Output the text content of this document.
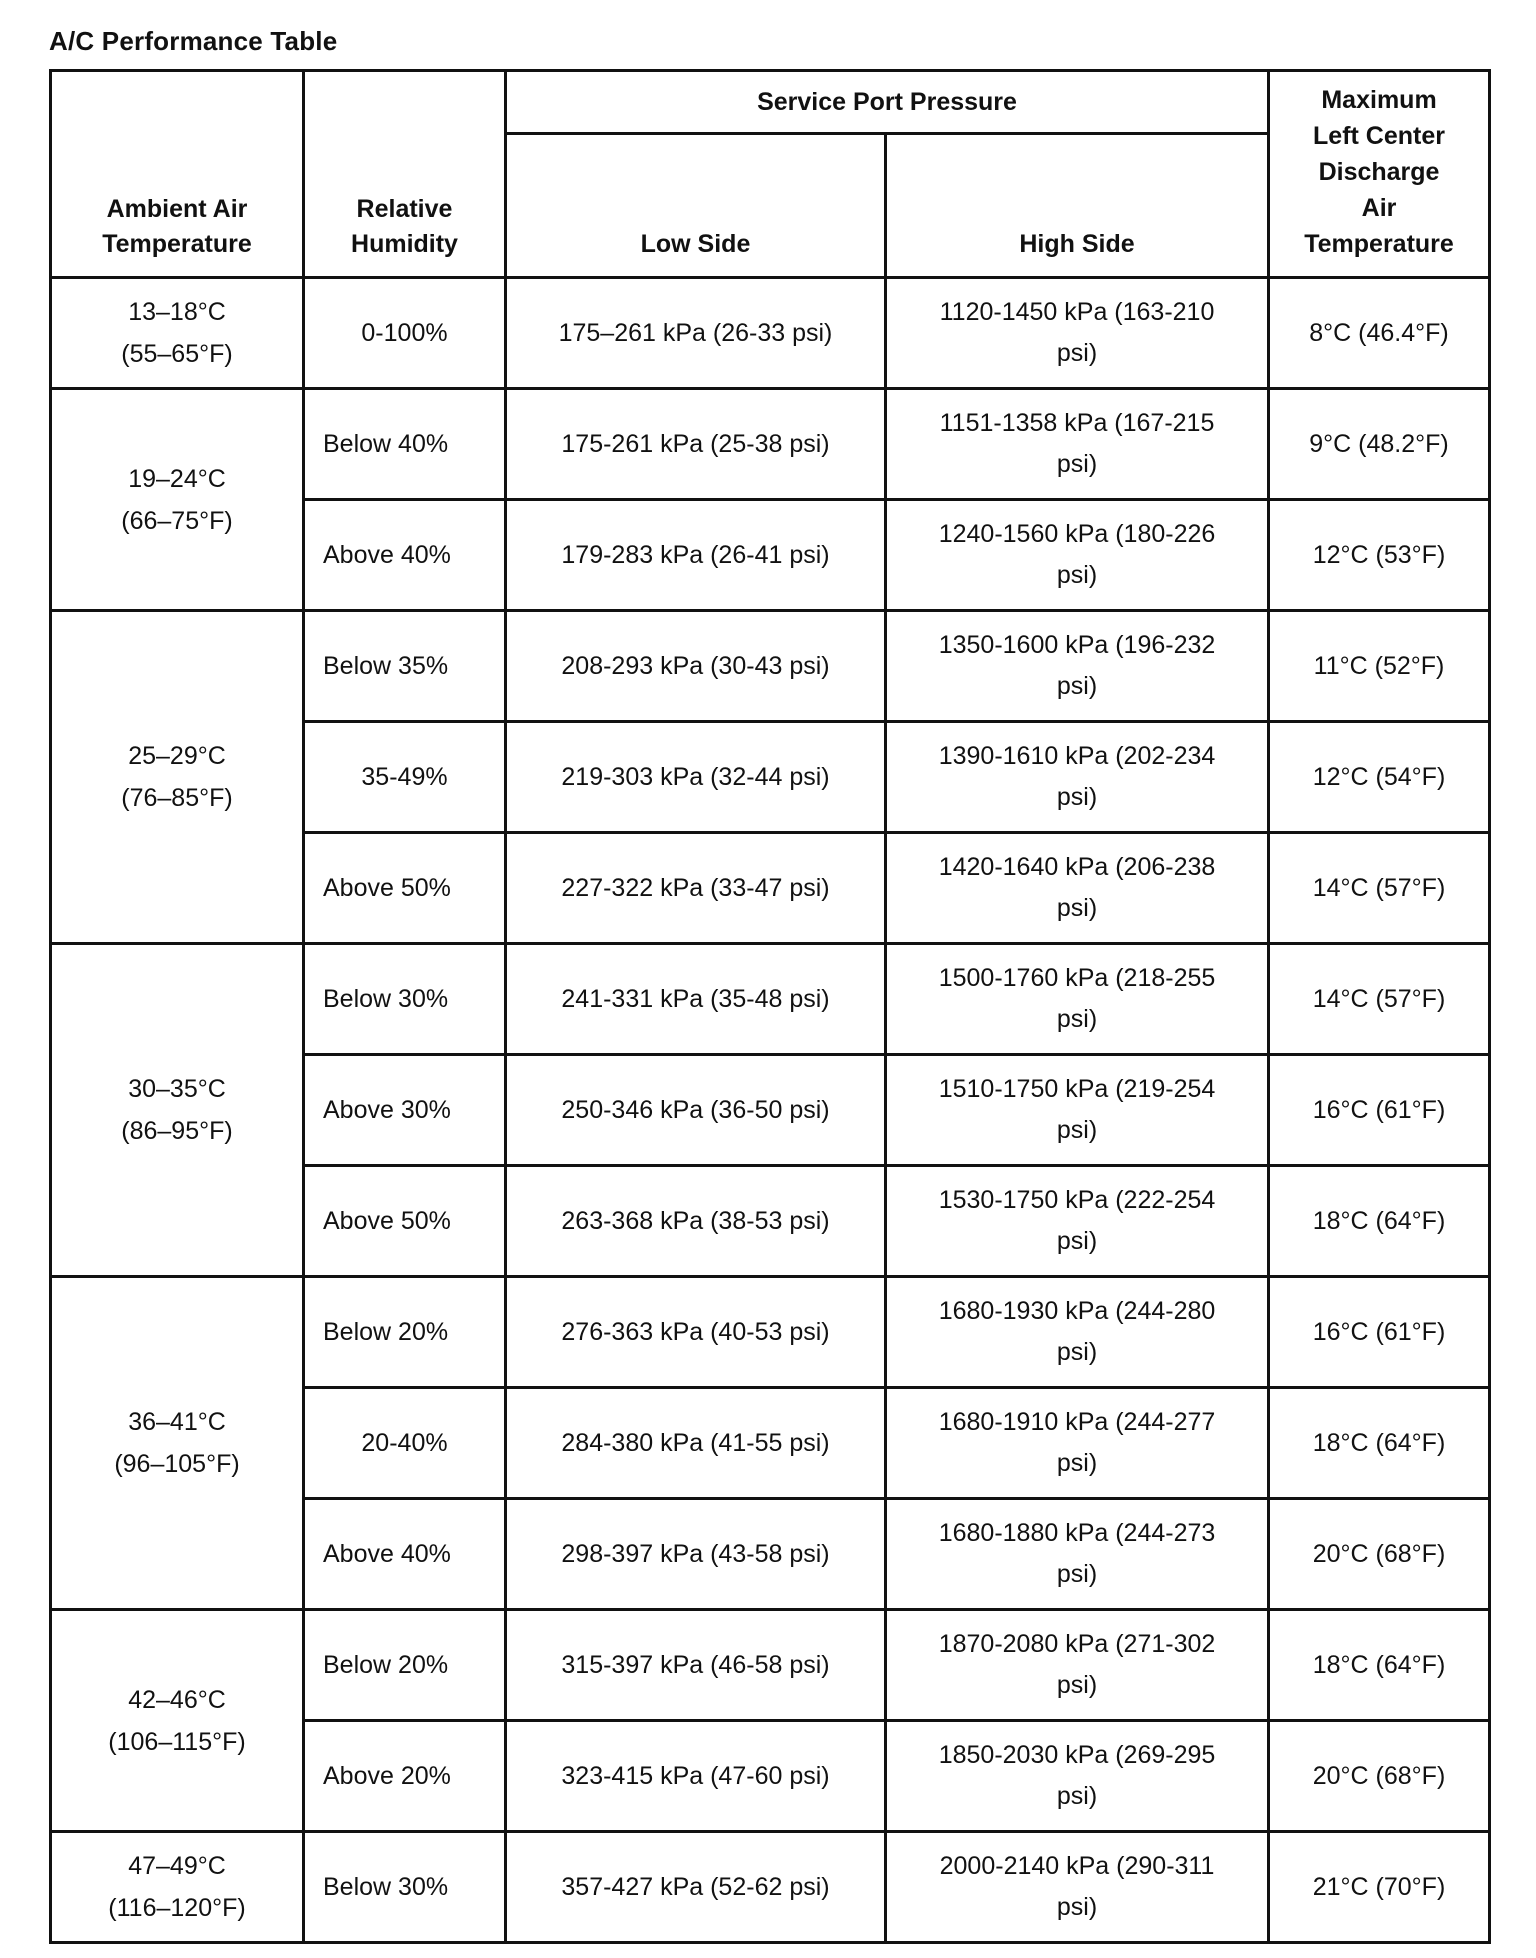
A/C Performance Table
Ambient Air
Temperature	Relative
Humidity	Service Port Pressure		Maximum
Left Center
Discharge
Air
Temperature

		Low Side	High Side	

13–18°C
(55–65°F)	0-100%	175–261 kPa (26-33 psi)	1120-1450 kPa (163-210
psi)	8°C (46.4°F)

19–24°C
(66–75°F)	Below 40%	175-261 kPa (25-38 psi)	1151-1358 kPa (167-215
psi)	9°C (48.2°F)
	Above 40%	179-283 kPa (26-41 psi)	1240-1560 kPa (180-226
psi)	12°C (53°F)

25–29°C
(76–85°F)	Below 35%	208-293 kPa (30-43 psi)	1350-1600 kPa (196-232
psi)	11°C (52°F)
	35-49%	219-303 kPa (32-44 psi)	1390-1610 kPa (202-234
psi)	12°C (54°F)
	Above 50%	227-322 kPa (33-47 psi)	1420-1640 kPa (206-238
psi)	14°C (57°F)

30–35°C
(86–95°F)	Below 30%	241-331 kPa (35-48 psi)	1500-1760 kPa (218-255
psi)	14°C (57°F)
	Above 30%	250-346 kPa (36-50 psi)	1510-1750 kPa (219-254
psi)	16°C (61°F)
	Above 50%	263-368 kPa (38-53 psi)	1530-1750 kPa (222-254
psi)	18°C (64°F)

36–41°C
(96–105°F)	Below 20%	276-363 kPa (40-53 psi)	1680-1930 kPa (244-280
psi)	16°C (61°F)
	20-40%	284-380 kPa (41-55 psi)	1680-1910 kPa (244-277
psi)	18°C (64°F)
	Above 40%	298-397 kPa (43-58 psi)	1680-1880 kPa (244-273
psi)	20°C (68°F)

42–46°C
(106–115°F)	Below 20%	315-397 kPa (46-58 psi)	1870-2080 kPa (271-302
psi)	18°C (64°F)
	Above 20%	323-415 kPa (47-60 psi)	1850-2030 kPa (269-295
psi)	20°C (68°F)

47–49°C
(116–120°F)	Below 30%	357-427 kPa (52-62 psi)	2000-2140 kPa (290-311
psi)	21°C (70°F)
